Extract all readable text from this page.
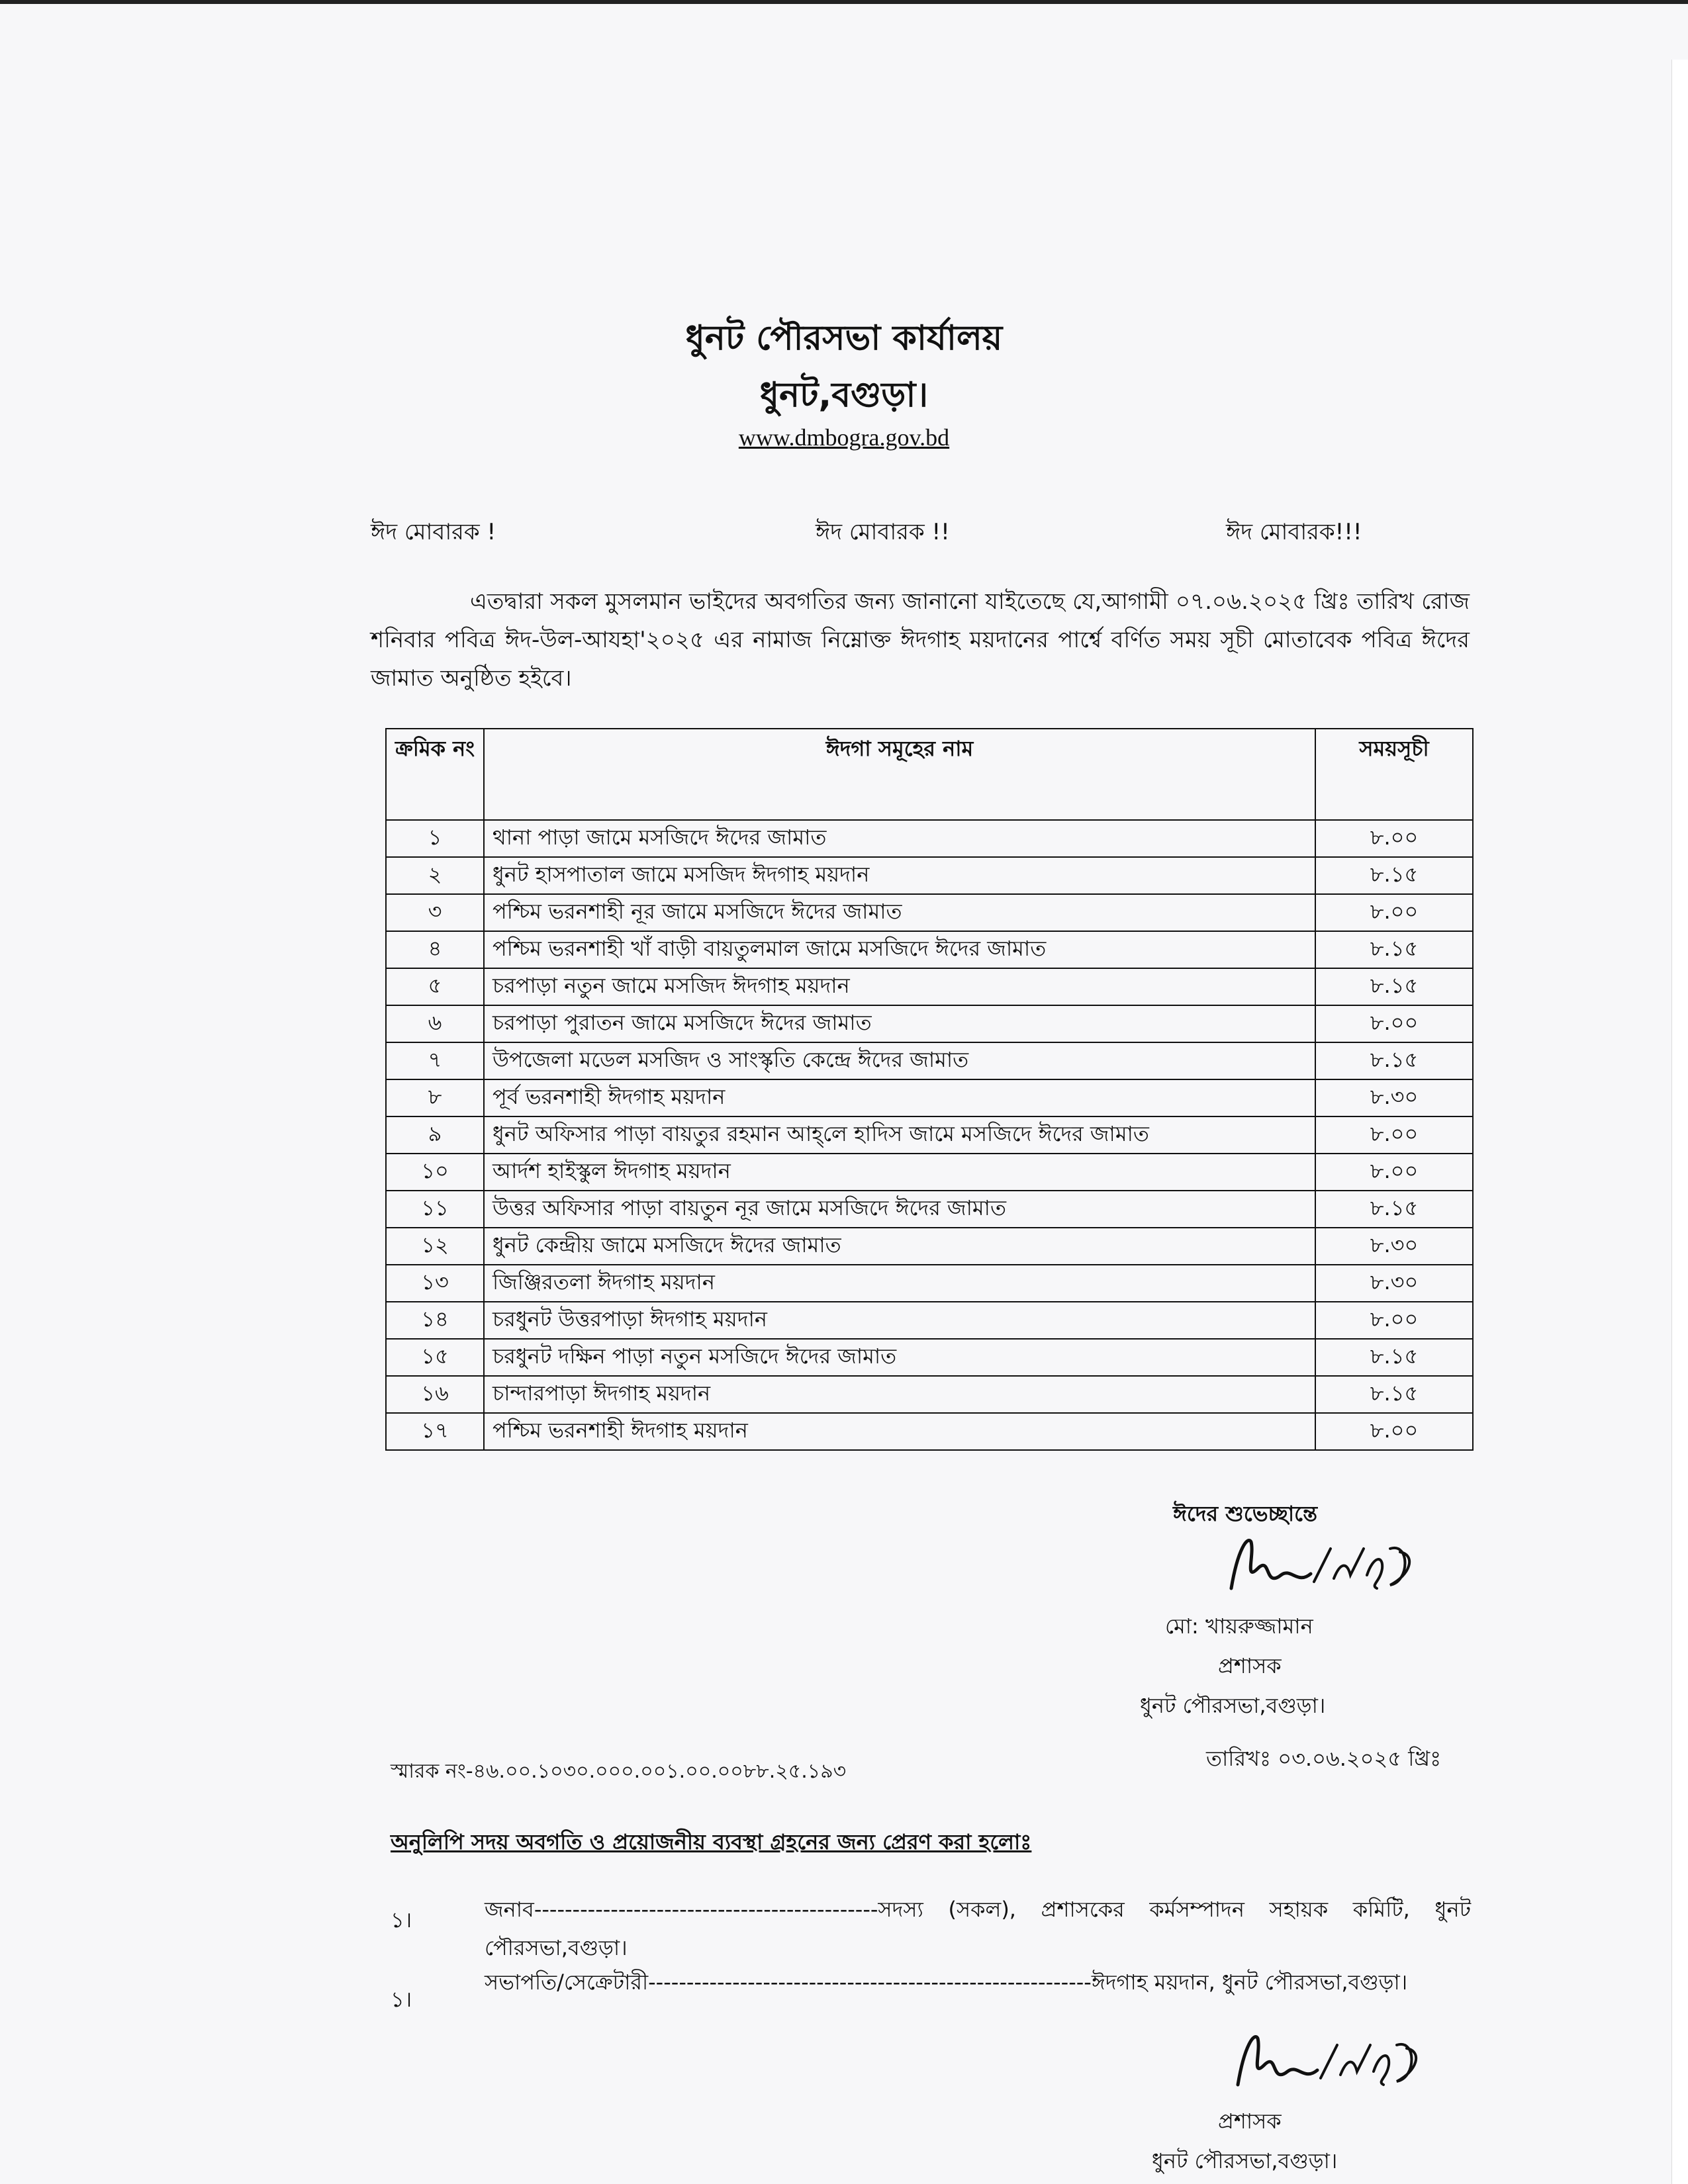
ধুনট পৌরসভা কার্যালয়
ধুনট,বগুড়া।
www.dmbogra.gov.bd
ঈদ মোবারক !	ঈদ মোবারক !!	ঈদ মোবারক!!!
এতদ্বারা সকল মুসলমান ভাইদের অবগতির জন্য জানানো যাইতেছে যে,আগামী ০৭.০৬.২০২৫ খ্রিঃ তারিখ রোজ শনিবার পবিত্র ঈদ-উল-আযহা'২০২৫ এর নামাজ নিম্নোক্ত ঈদগাহ ময়দানের পার্শ্বে বর্ণিত সময় সূচী মোতাবেক পবিত্র ঈদের জামাত অনুষ্ঠিত হইবে।
ক্রমিক নং	ঈদগা সমূহের নাম	সময়সূচী
১	থানা পাড়া জামে মসজিদে ঈদের জামাত	৮.০০
২	ধুনট হাসপাতাল জামে মসজিদ ঈদগাহ ময়দান	৮.১৫
৩	পশ্চিম ভরনশাহী নূর জামে মসজিদে ঈদের জামাত	৮.০০
৪	পশ্চিম ভরনশাহী খাঁ বাড়ী বায়তুলমাল জামে মসজিদে ঈদের জামাত	৮.১৫
৫	চরপাড়া নতুন জামে মসজিদ ঈদগাহ ময়দান	৮.১৫
৬	চরপাড়া পুরাতন জামে মসজিদে ঈদের জামাত	৮.০০
৭	উপজেলা মডেল মসজিদ ও সাংস্কৃতি কেন্দ্রে ঈদের জামাত	৮.১৫
৮	পূর্ব ভরনশাহী ঈদগাহ ময়দান	৮.৩০
৯	ধুনট অফিসার পাড়া বায়তুর রহমান আহ্‌লে হাদিস জামে মসজিদে ঈদের জামাত	৮.০০
১০	আর্দশ হাইস্কুল ঈদগাহ ময়দান	৮.০০
১১	উত্তর অফিসার পাড়া বায়তুন নূর জামে মসজিদে ঈদের জামাত	৮.১৫
১২	ধুনট কেন্দ্রীয় জামে মসজিদে ঈদের জামাত	৮.৩০
১৩	জিঞ্জিরতলা ঈদগাহ ময়দান	৮.৩০
১৪	চরধুনট উত্তরপাড়া ঈদগাহ ময়দান	৮.০০
১৫	চরধুনট দক্ষিন পাড়া নতুন মসজিদে ঈদের জামাত	৮.১৫
১৬	চান্দারপাড়া ঈদগাহ ময়দান	৮.১৫
১৭	পশ্চিম ভরনশাহী ঈদগাহ ময়দান	৮.০০
ঈদের শুভেচ্ছান্তে
মো: খায়রুজ্জামান
প্রশাসক
ধুনট পৌরসভা,বগুড়া।
স্মারক নং-৪৬.০০.১০৩০.০০০.০০১.০০.০০৮৮.২৫.১৯৩
তারিখঃ ০৩.০৬.২০২৫ খ্রিঃ
অনুলিপি সদয় অবগতি ও প্রয়োজনীয় ব্যবস্থা গ্রহনের জন্য প্রেরণ করা হলোঃ
১।	জনাব---------------------------------------------সদস্য (সকল), প্রশাসকের কর্মসম্পাদন সহায়ক কমিটি, ধুনট পৌরসভা,বগুড়া।
১।
সভাপতি/সেক্রেটারী----------------------------------------------------------ঈদগাহ ময়দান, ধুনট পৌরসভা,বগুড়া।
প্রশাসক
ধুনট পৌরসভা,বগুড়া।
